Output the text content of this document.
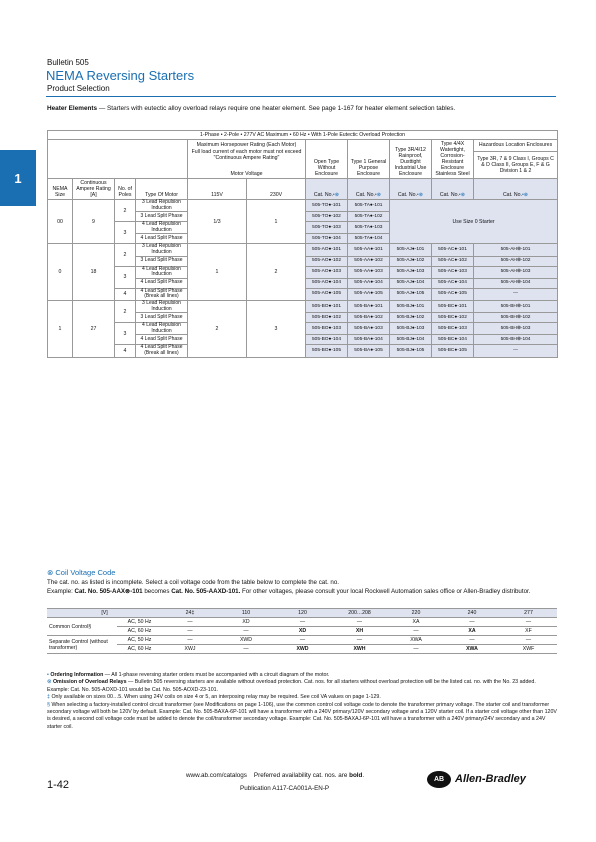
1
Bulletin 505
NEMA Reversing Starters
Product Selection
Heater Elements — Starters with eutectic alloy overload relays require one heater element. See page 1-167 for heater element selection tables.
1-Phase • 2-Pole • 277V AC Maximum • 60 Hz • With 1-Pole Eutectic Overload Protection										

				Maximum Horsepower Rating (Each Motor)
Full load current of each motor must not exceed "Continuous Ampere Rating"
Motor Voltage		Open Type Without Enclosure	Type 1 General Purpose Enclosure	Type 3R/4/12 Rainproof, Dusttight Industrial Use Enclosure	Type 4/4X Watertight, Corrosion-Resistant Enclosure Stainless Steel	Hazardous Location Enclosures
										Type 3R, 7 & 9 Class I, Groups C & D Class II, Groups E, F & G Division 1 & 2
NEMA Size	Continuous Ampere Rating [A]	No. of Poles	Type Of Motor	115V	230V	Cat. No.•⊗	Cat. No.•⊗	Cat. No.•⊗	Cat. No.•⊗	Cat. No.•⊗
00	9	2	3 Lead Repulsion Induction	1/3	1	505-TO●-101	505-TA●-101	Use Size 0 Starter		

			3 Lead Split Phase			505-TO●-102	505-TA●-102			

		3	4 Lead Repulsion Induction			505-TO●-103	505-TA●-103			

			4 Lead Split Phase			505-TO●-104	505-TA●-104			

0	18	2	3 Lead Repulsion Induction	1	2	505-AO●-101	505-AA●-101	505-AJ●-101	505-AC●-101	505-AH⊗-101

			3 Lead Split Phase			505-AO●-102	505-AA●-102	505-AJ●-102	505-AC●-102	505-AH⊗-102

		3	4 Lead Repulsion Induction			505-AO●-103	505-AA●-103	505-AJ●-103	505-AC●-103	505-AH⊗-103

			4 Lead Split Phase			505-AO●-104	505-AA●-104	505-AJ●-104	505-AC●-104	505-AH⊗-104

		4	4 Lead Split Phase (Break all lines)			505-AO●-105	505-AA●-105	505-AJ●-105	505-AC●-105	—

1	27	2	3 Lead Repulsion Induction	2	3	505-BO●-101	505-BA●-101	505-BJ●-101	505-BC●-101	505-BH⊗-101

			3 Lead Split Phase			505-BO●-102	505-BA●-102	505-BJ●-102	505-BC●-102	505-BH⊗-102

		3	4 Lead Repulsion Induction			505-BO●-103	505-BA●-103	505-BJ●-103	505-BC●-103	505-BH⊗-103

			4 Lead Split Phase			505-BO●-104	505-BA●-104	505-BJ●-104	505-BC●-104	505-BH⊗-104

		4	4 Lead Split Phase (Break all lines)			505-BO●-105	505-BA●-105	505-BJ●-105	505-BC●-105	—

⊗ Coil Voltage Code
The cat. no. as listed is incomplete. Select a coil voltage code from the table below to complete the cat. no.
Example: Cat. No. 505-AAX⊗-101 becomes Cat. No. 505-AAXD-101. For other voltages, please consult your local Rockwell Automation sales office or Allen-Bradley distributor.
[V]		24‡	110	120	200…208	220	240	277
Common Control§	AC, 50 Hz	—	XD	—	—	XA	—	—
	AC, 60 Hz	—	—	XD	XH	—	XA	XF
Separate Control (without transformer)	AC, 50 Hz	—	XWD	—	—	XWA	—	—
	AC, 60 Hz	XWJ	—	XWD	XWH	—	XWA	XWF

• Ordering Information — All 1-phase reversing starter orders must be accompanied with a circuit diagram of the motor.

⊗ Omission of Overload Relays — Bulletin 505 reversing starters are available without overload protection. Cat. nos. for all starters without overload protection will be the listed cat. no. with the No. 23 added. Example: Cat. No. 505-AOXD-101 would be Cat. No. 505-AOXD-23-101.

‡ Only available on sizes 00…5. When using 24V coils on size 4 or 5, an interposing relay may be required. See coil VA values on page 1-129.

§ When selecting a factory-installed control circuit transformer (see Modifications on page 1-106), use the common control coil voltage code to denote the transformer primary voltage. The starter coil and transformer secondary voltage will both be 120V by default. Example: Cat. No. 505-BAXA-6P-101 will have a transformer with a 240V primary/120V secondary voltage and a 120V starter coil. If a starter coil voltage other than 120V is desired, a second coil voltage code must be added to denote the coil/transformer secondary voltage. Example: Cat. No. 505-BAXAJ-6P-101 will have a transformer with a 240V primary/24V secondary and a 24V starter coil.

1-42
www.ab.com/catalogs Preferred availability cat. nos. are bold.
Publication A117-CA001A-EN-P
AB Allen-Bradley
